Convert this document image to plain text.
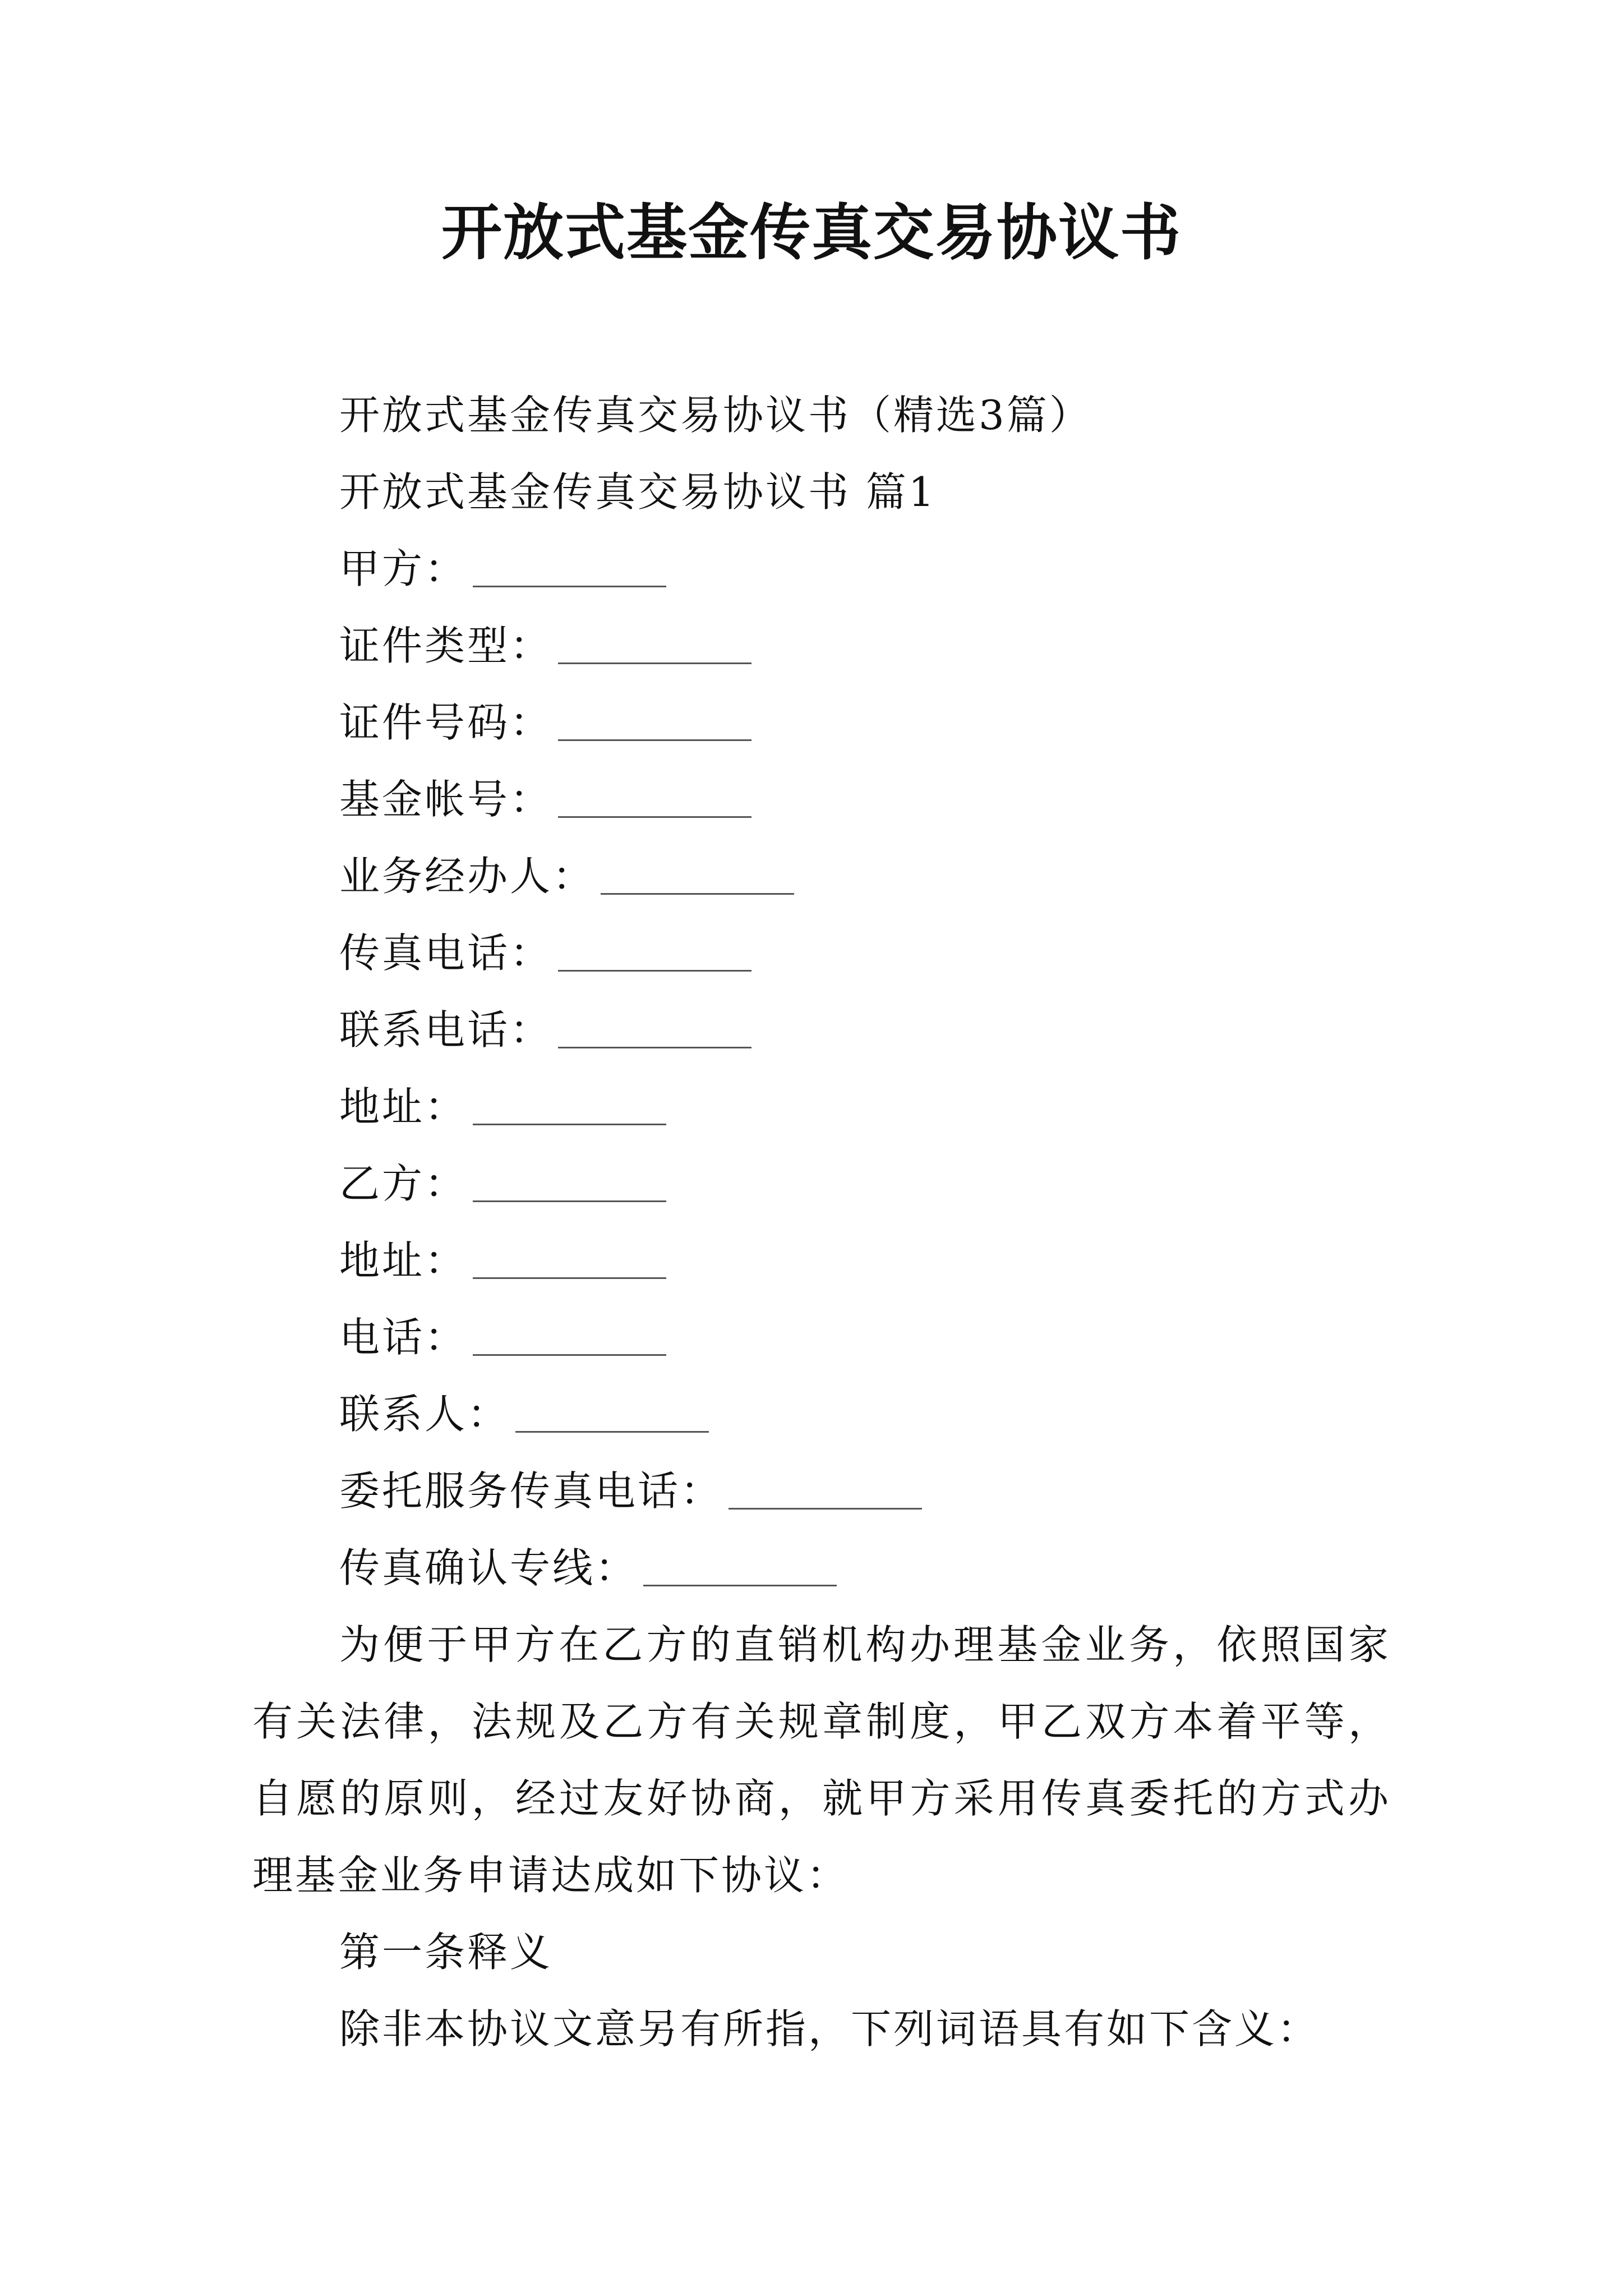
开放式基金传真交易协议书
开放式基金传真交易协议书（精选3篇）
开放式基金传真交易协议书 篇1
甲方：
证件类型：
证件号码：
基金帐号：
业务经办人：
传真电话：
联系电话：
地址：
乙方：
地址：
电话：
联系人：
委托服务传真电话：
传真确认专线：

为便于甲方在乙方的直销机构办理基金业务，依照国家有关法律，法规及乙方有关规章制度，甲乙双方本着平等，自愿的原则，经过友好协商，就甲方采用传真委托的方式办理基金业务申请达成如下协议：

第一条释义
除非本协议文意另有所指，下列词语具有如下含义：
